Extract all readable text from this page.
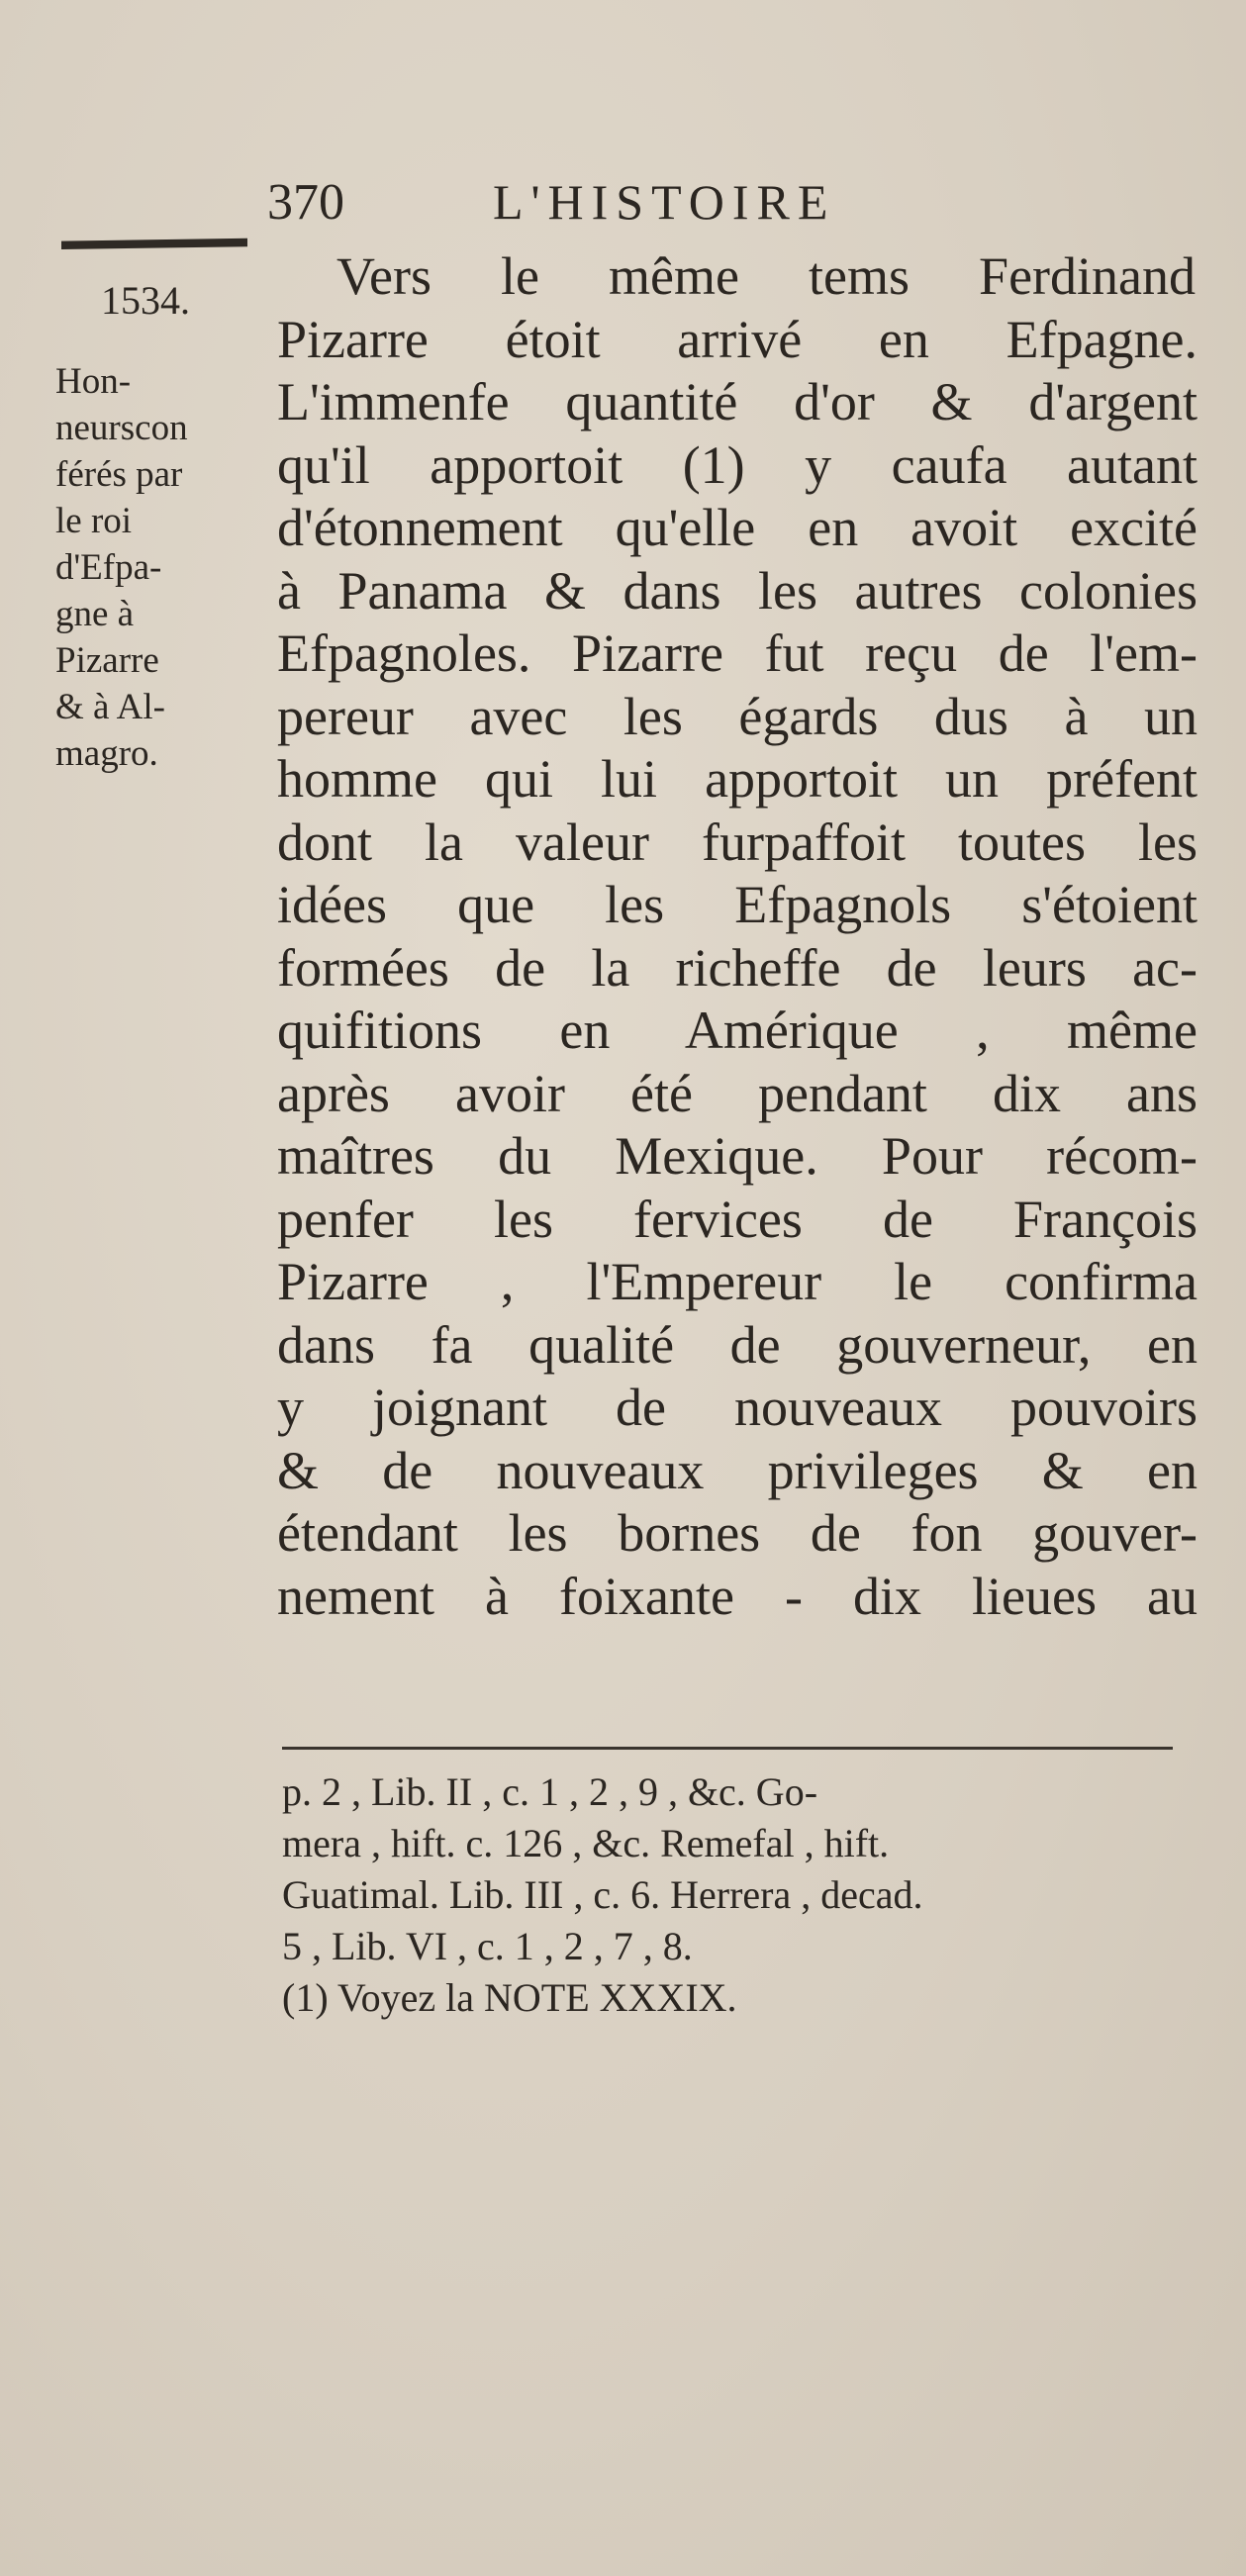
370	L'HISTOIRE
1534.
Hon-
neurscon
férés par
le roi
d'Efpa-
gne à
Pizarre
& à Al-
magro.
Vers le même tems Ferdinand
Pizarre étoit arrivé en Efpagne.
L'immenfe quantité d'or & d'argent
qu'il apportoit (1) y caufa autant
d'étonnement qu'elle en avoit excité
à Panama & dans les autres colonies
Efpagnoles. Pizarre fut reçu de l'em-
pereur avec les égards dus à un
homme qui lui apportoit un préfent
dont la valeur furpaffoit toutes les
idées que les Efpagnols s'étoient
formées de la richeffe de leurs ac-
quifitions en Amérique , même
après avoir été pendant dix ans
maîtres du Mexique. Pour récom-
penfer les fervices de François
Pizarre , l'Empereur le confirma
dans fa qualité de gouverneur, en
y joignant de nouveaux pouvoirs
& de nouveaux privileges & en
étendant les bornes de fon gouver-
nement à foixante - dix lieues au
p. 2 , Lib. II , c. 1 , 2 , 9 , &c. Go-
mera , hift. c. 126 , &c. Remefal , hift.
Guatimal. Lib. III , c. 6. Herrera , decad.
5 , Lib. VI , c. 1 , 2 , 7 , 8.
(1) Voyez la NOTE XXXIX.
